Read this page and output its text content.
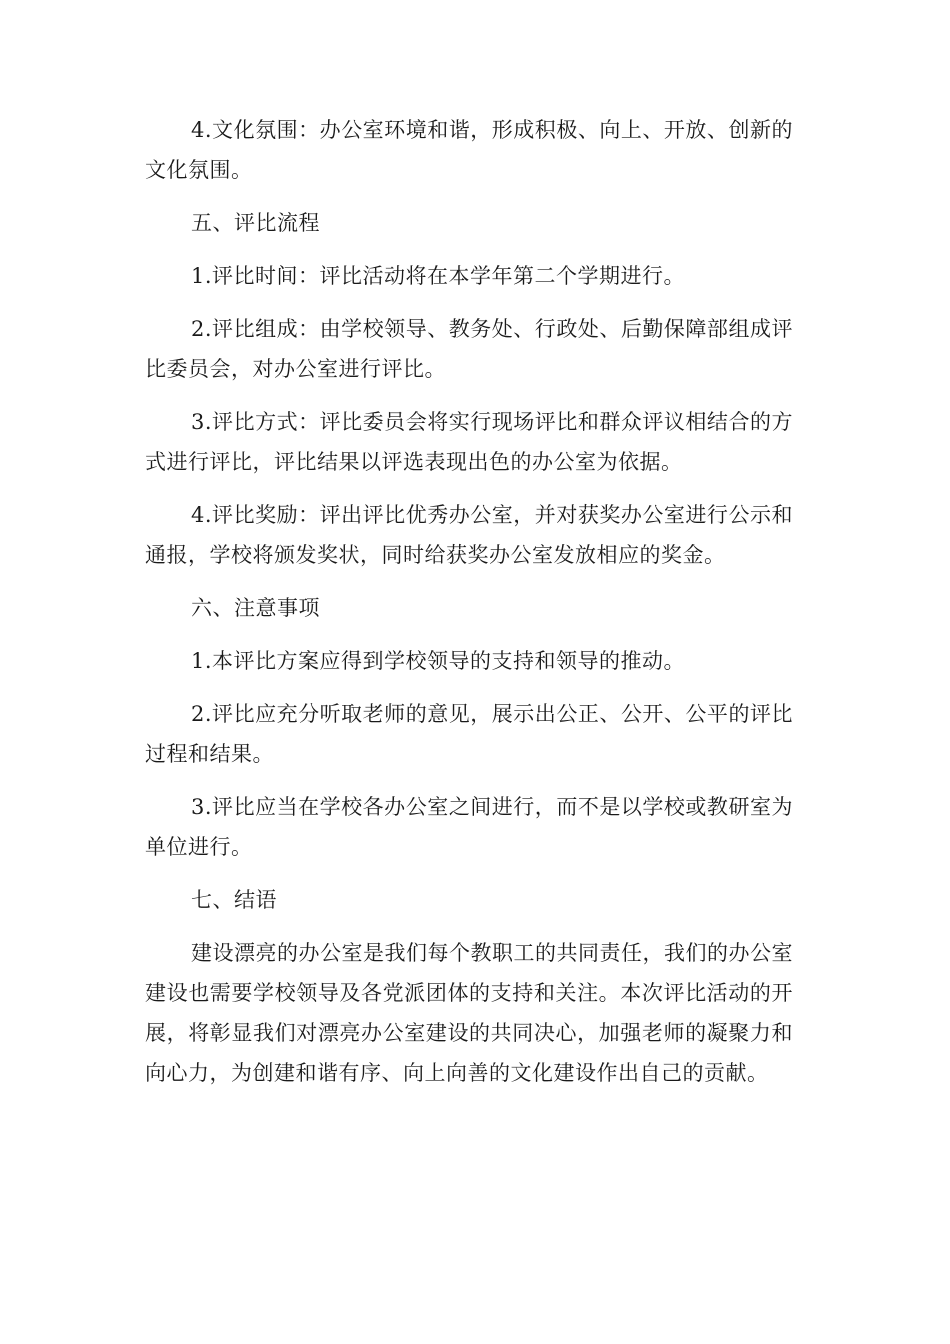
4.文化氛围：办公室环境和谐，形成积极、向上、开放、创新的文化氛围。

五、评比流程

1.评比时间：评比活动将在本学年第二个学期进行。

2.评比组成：由学校领导、教务处、行政处、后勤保障部组成评比委员会，对办公室进行评比。

3.评比方式：评比委员会将实行现场评比和群众评议相结合的方式进行评比，评比结果以评选表现出色的办公室为依据。

4.评比奖励：评出评比优秀办公室，并对获奖办公室进行公示和通报，学校将颁发奖状，同时给获奖办公室发放相应的奖金。

六、注意事项

1.本评比方案应得到学校领导的支持和领导的推动。

2.评比应充分听取老师的意见，展示出公正、公开、公平的评比过程和结果。

3.评比应当在学校各办公室之间进行，而不是以学校或教研室为单位进行。

七、结语

建设漂亮的办公室是我们每个教职工的共同责任，我们的办公室建设也需要学校领导及各党派团体的支持和关注。本次评比活动的开展，将彰显我们对漂亮办公室建设的共同决心，加强老师的凝聚力和向心力，为创建和谐有序、向上向善的文化建设作出自己的贡献。
